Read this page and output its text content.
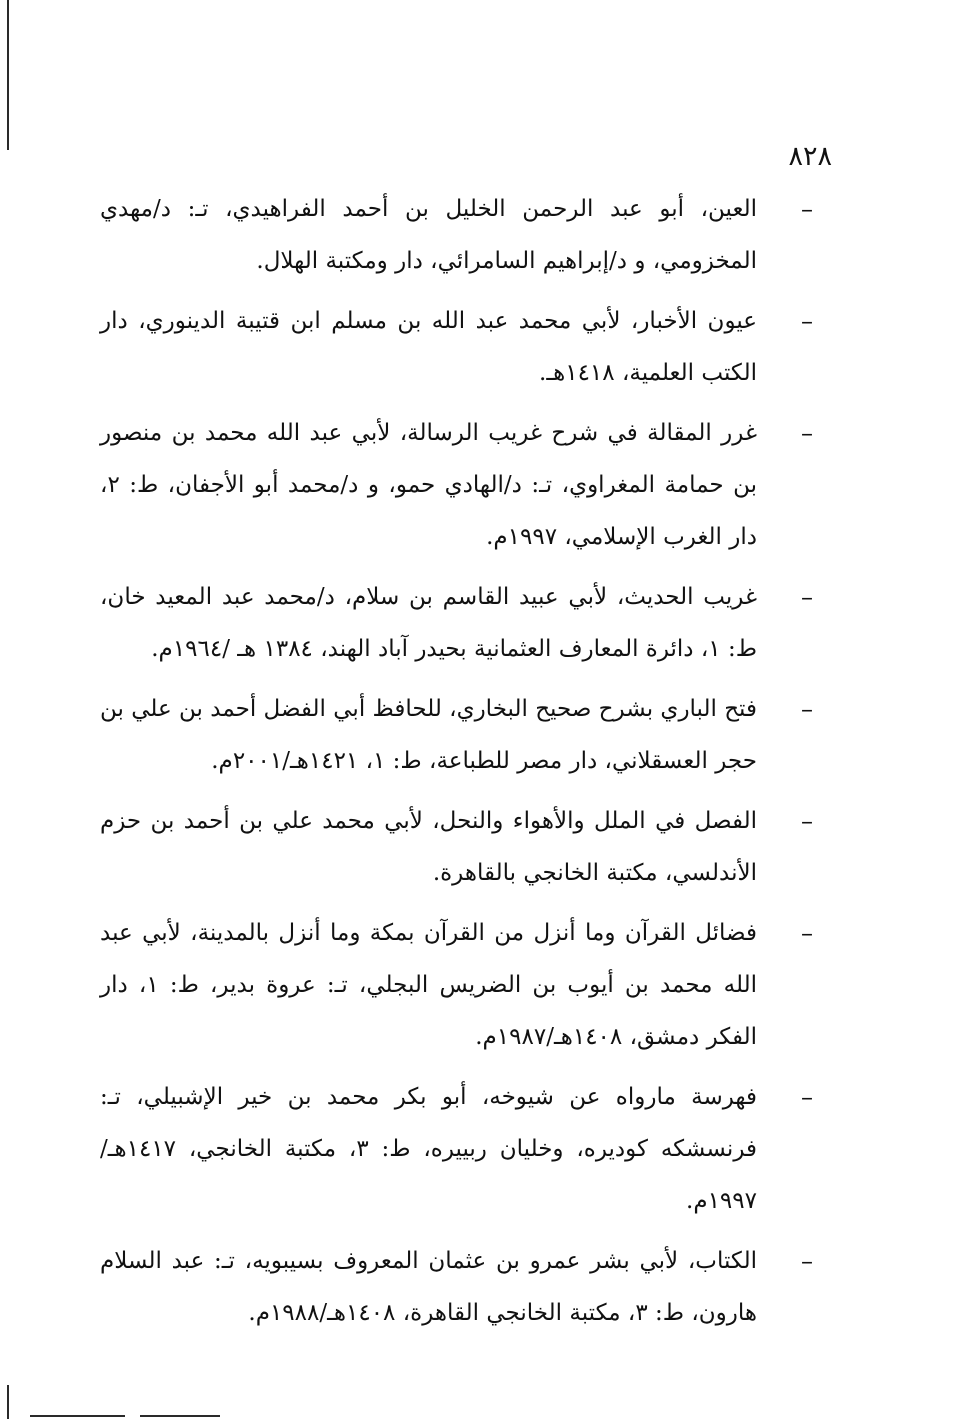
٨٢٨
–
العين، أبو عبد الرحمن الخليل بن أحمد الفراهيدي، تـ: د/مهدي المخزومي، و د/إبراهيم السامرائي، دار ومكتبة الهلال.
–
عيون الأخبار، لأبي محمد عبد الله بن مسلم ابن قتيبة الدينوري، دار الكتب العلمية، ١٤١٨هـ.
–
غرر المقالة في شرح غريب الرسالة، لأبي عبد الله محمد بن منصور بن حمامة المغراوي، تـ: د/الهادي حمو، و د/محمد أبو الأجفان، ط: ٢، دار الغرب الإسلامي، ١٩٩٧م.
–
غريب الحديث، لأبي عبيد القاسم بن سلام، د/محمد عبد المعيد خان، ط: ١، دائرة المعارف العثمانية بحيدر آباد الهند، ١٣٨٤ هـ /١٩٦٤م.
–
فتح الباري بشرح صحيح البخاري، للحافظ أبي الفضل أحمد بن علي بن حجر العسقلاني، دار مصر للطباعة، ط: ١، ١٤٢١هـ/٢٠٠١م.
–
الفصل في الملل والأهواء والنحل، لأبي محمد علي بن أحمد بن حزم الأندلسي، مكتبة الخانجي بالقاهرة.
–
فضائل القرآن وما أنزل من القرآن بمكة وما أنزل بالمدينة، لأبي عبد الله محمد بن أيوب بن الضريس البجلي، تـ: عروة بدير، ط: ١، دار الفكر دمشق، ١٤٠٨هـ/١٩٨٧م.
–
فهرسة مارواه عن شيوخه، أبو بكر محمد بن خير الإشبيلي، تـ: فرنسشكه كوديره، وخليان ربييره، ط: ٣، مكتبة الخانجي، ١٤١٧هـ/١٩٩٧م.
–
الكتاب، لأبي بشر عمرو بن عثمان المعروف بسيبويه، تـ: عبد السلام هارون، ط: ٣، مكتبة الخانجي القاهرة، ١٤٠٨هـ/١٩٨٨م.
